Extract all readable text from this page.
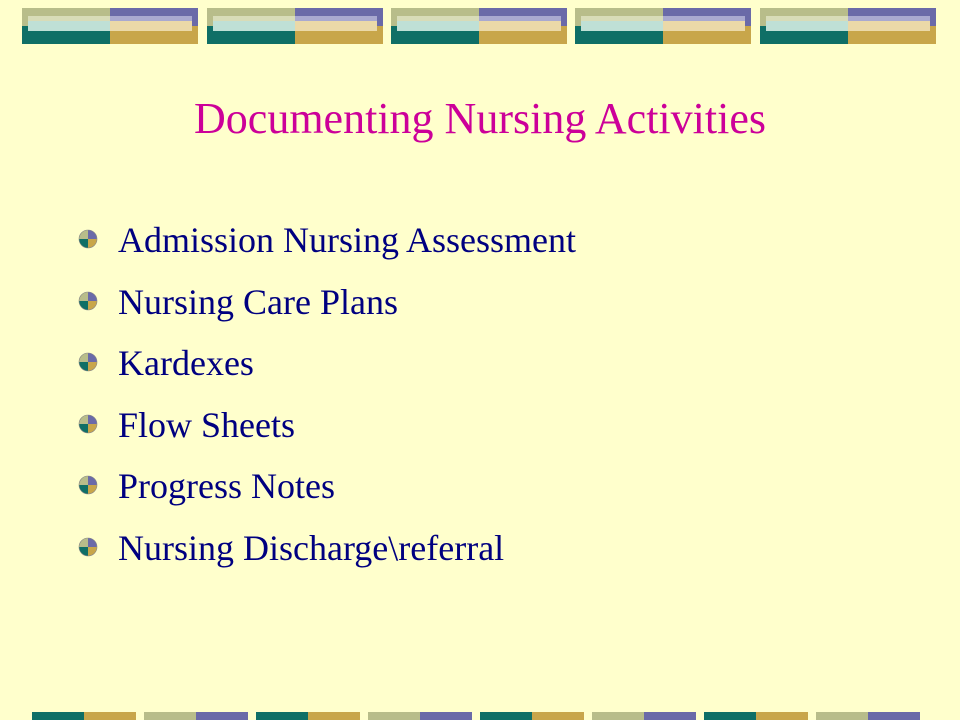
Documenting Nursing Activities
Admission Nursing Assessment
Nursing Care Plans
Kardexes
Flow Sheets
Progress Notes
Nursing Discharge\referral
